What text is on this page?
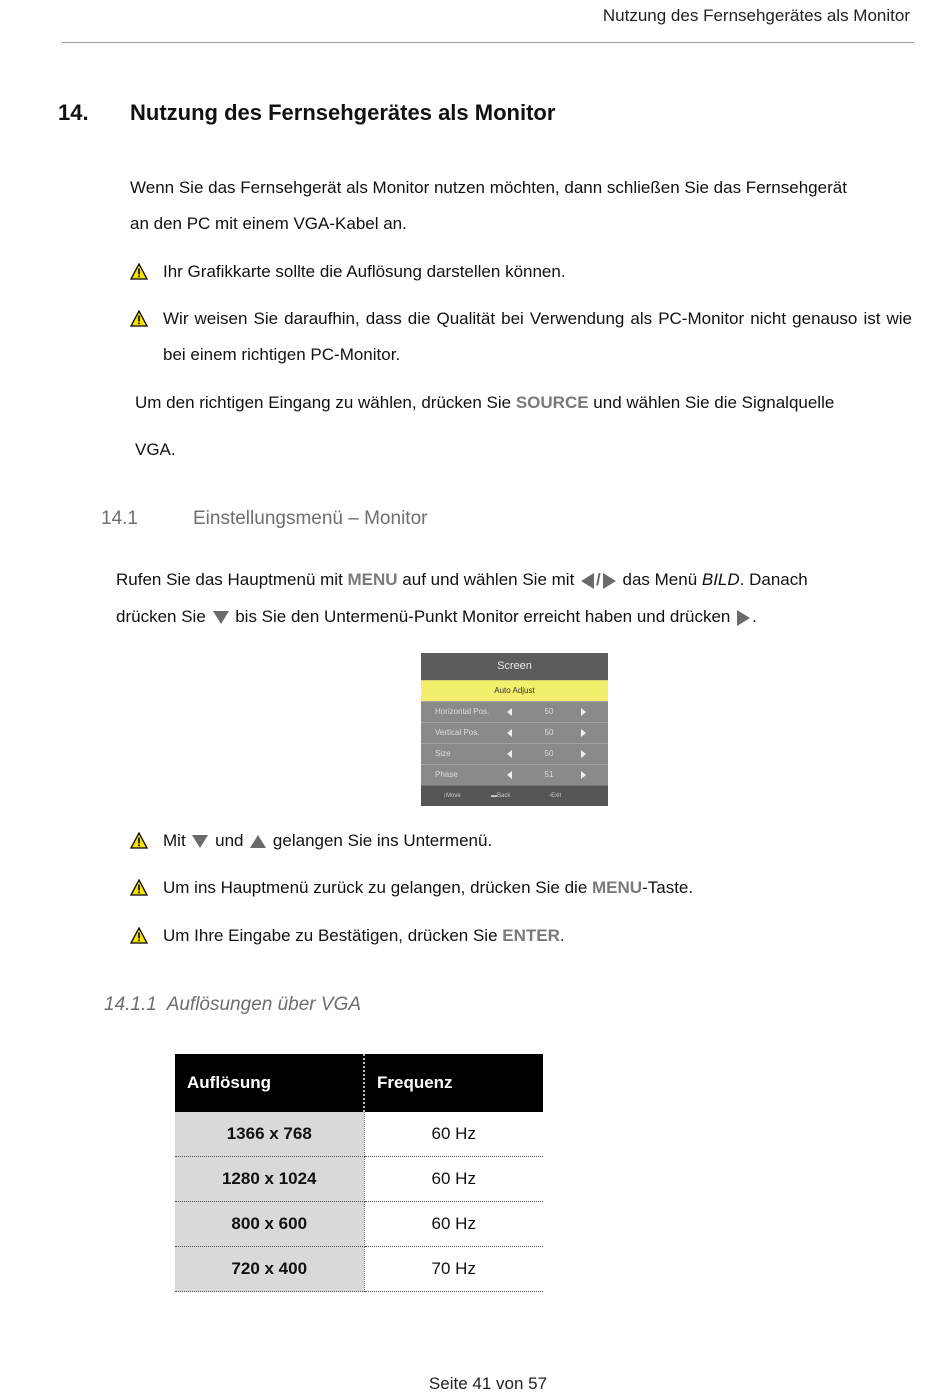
Nutzung des Fernsehgerätes als Monitor
14. Nutzung des Fernsehgerätes als Monitor
Wenn Sie das Fernsehgerät als Monitor nutzen möchten, dann schließen Sie das Fernsehgerät
an den PC mit einem VGA-Kabel an.
Ihr Grafikkarte sollte die Auflösung darstellen können.
Wir weisen Sie daraufhin, dass die Qualität bei Verwendung als PC-Monitor nicht genauso ist wie bei einem richtigen PC-Monitor.
Um den richtigen Eingang zu wählen, drücken Sie SOURCE und wählen Sie die Signalquelle
VGA.
14.1	Einstellungsmenü – Monitor
Rufen Sie das Hauptmenü mit MENU auf und wählen Sie mit / das Menü BILD. Danach
drücken Sie  bis Sie den Untermenü-Punkt Monitor erreicht haben und drücken .
Screen
Auto Adjust
Horizontal Pos.	50
Vertical Pos.	50
Size	50
Phase	51
↕ Move	▬ Back	▫ Exit
Mit  und  gelangen Sie ins Untermenü.
Um ins Hauptmenü zurück zu gelangen, drücken Sie die MENU-Taste.
Um Ihre Eingabe zu Bestätigen, drücken Sie ENTER.
14.1.1 Auflösungen über VGA
Auflösung	Frequenz
1366 x 768	60 Hz
1280 x 1024	60 Hz
800 x 600	60 Hz
720 x 400	70 Hz
Seite 41 von 57
